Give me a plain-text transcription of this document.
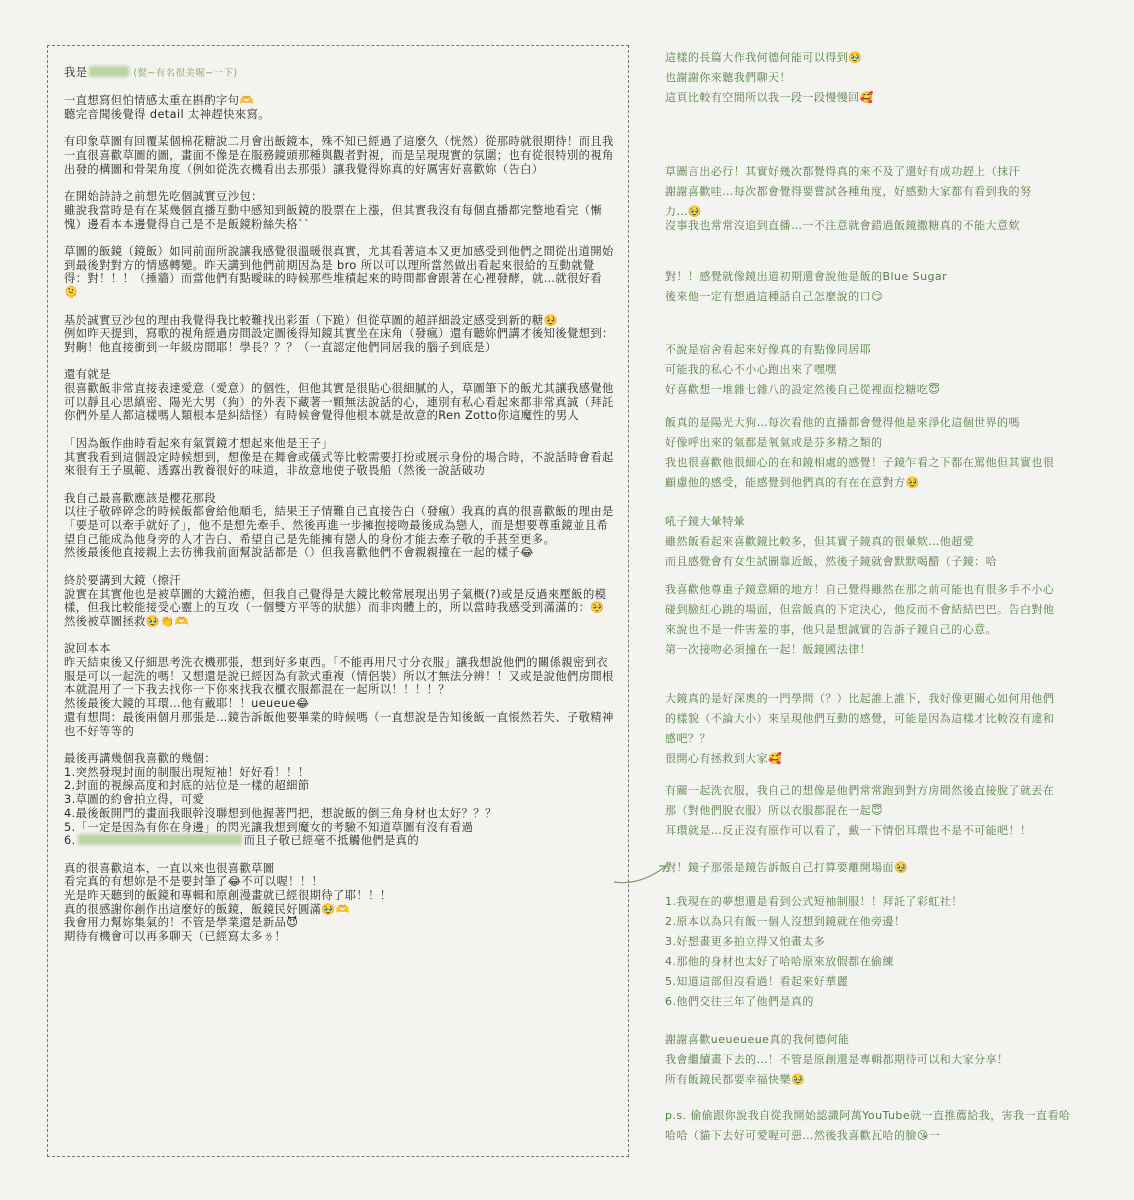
我是	(甏~有名很美喔~一下)
一直想寫但怕情感太重在斟酌字句🫶
聽完音聞後覺得 detail 太神趕快來寫。
有印象草圖有回覆某個棉花糖說二月會出飯鏡本，殊不知已經過了這麼久（恍然）從那時就很期待！而且我一直很喜歡草圖的圖，畫面不像是在服務鏡頭那種與觀者對視，而是呈現現實的氛圍；也有從很特別的視角出發的構圖和骨架角度（例如從洗衣機看出去那張）讓我覺得妳真的好厲害好喜歡妳（告白）
在開始詩詩之前想先吃個誠實豆沙包：
雖說我當時是有在某幾個直播互動中感知到飯鏡的股票在上漲，但其實我沒有每個直播都完整地看完（慚愧）邊看本本邊覺得自己是不是飯鏡粉絲失格``
草圖的飯鏡（鏡飯）如同前面所說讓我感覺很溫暖很真實，尤其看著這本又更加感受到他們之間從出道開始到最後對對方的情感轉變。昨天講到他們前期因為是 bro 所以可以理所當然做出看起來很給的互動就覺得：對！！！（捶牆）而當他們有點曖昧的時候那些堆積起來的時間都會跟著在心裡發酵，就…就很好看🫠
基於誠實豆沙包的理由我覺得我比較難找出彩蛋（下跪）但從草圖的超詳細設定感受到新的糖🥹
例如昨天提到，寫歌的視角經過房間設定圖後得知鏡其實坐在床角（發瘋）還有聽妳們講才後知後覺想到：對齁！他直接衝到一年級房間耶！學長？？？（一直認定他們同居我的腦子到底是）
還有就是
很喜歡飯非常直接表達愛意（愛意）的個性，但他其實是很貼心很細膩的人，草圖筆下的飯尤其讓我感覺他可以靜且心思縝密、陽光大男（狗）的外表下藏著一顆無法說話的心，連別有私心看起來都非常真誠（拜託你們外星人都這樣嗎人類根本是糾結怪）有時候會覺得他根本就是故意的Ren Zotto你這魔性的男人
「因為飯作曲時看起來有氣質鏡才想起來他是王子」
其實我看到這個設定時候想到，想像是在舞會或儀式等比較需要打扮或展示身份的場合時，不說話時會看起來很有王子風範、透露出教養很好的味道，非故意地使子敬畏船（然後一說話破功
我自己最喜歡應該是櫻花那段
以往子敬碎碎念的時候飯都會給他順毛，結果王子情難自己直接告白（發瘋）我真的真的很喜歡飯的理由是「要是可以牽手就好了」，他不是想先牽手、然後再進一步擁抱接吻最後成為戀人，而是想要尊重鏡並且希望自己能成為他身旁的人才告白、希望自己是先能擁有戀人的身份才能去牽子敬的手甚至更多。
然後最後他直接親上去彷彿我前面幫說話都是（）但我喜歡他們不會親親撞在一起的樣子😂
終於要講到大鏡（擦汗
說實在其實他也是被草圖的大鏡治癒，但我自己覺得是大鏡比較常展現出男子氣概(?)或是反過來壓飯的模樣，但我比較能接受心靈上的互攻（一個雙方平等的狀態）而非肉體上的，所以當時我感受到滿滿的：🥺
然後被草圖拯救🥹👏🫶
說回本本
昨天結束後又仔細思考洗衣機那張，想到好多東西。「不能再用尺寸分衣服」讓我想說他們的關係親密到衣服是可以一起洗的嗎！又想還是說已經因為有款式重複（情侶裝）所以才無法分辨！！又或是說他們房間根本就混用了一下我去找你一下你來找我衣櫃衣服都混在一起所以！！！！？
然後最後大鏡的耳環…他有戴耶！！ueueue😂
還有想問：最後兩個月那張是…鏡告訴飯他要畢業的時候嗎（一直想說是告知後飯一直悵然若失、子敬精神也不好等等的
最後再講幾個我喜歡的幾個：
1.突然發現封面的制服出現短袖！好好看！！！
2.封面的視線高度和封底的站位是一樣的超細節
3.草圖的約會拍立得，可愛
4.最後飯開門的畫面我眼幹沒聯想到他握著門把，想說飯的倒三角身材也太好？？？
5.「一定是因為有你在身邊」的閃光讓我想到魔女的考驗不知道草圖有沒有看過
6.	而且子敬已經毫不抵觸他們是真的
真的很喜歡這本，一直以來也很喜歡草圖
看完真的有想妳是不是要封筆了😂不可以喔！！！
光是昨天聽到的飯鏡和專輯和原創漫畫就已經很期待了耶！！！
真的很感謝你創作出這麼好的飯鏡，飯鏡民好圓滿🥹🫶
我會用力幫妳集氣的！不管是學業還是新品😈
期待有機會可以再多聊天（已經寫太多ㄌ！
這樣的長篇大作我何德何能可以得到🥹
也謝謝你來聽我們聊天！
這頁比較有空間所以我一段一段慢慢回🥰
草圖言出必行！其實好幾次都覺得真的來不及了還好有成功趕上（抹汗
謝謝喜歡哇…每次都會覺得要嘗試各種角度，好感動大家都有看到我的努
力…🥹
沒事我也常常沒追到直播…一不注意就會錯過飯鏡撒糖真的不能大意欸
對！！感覺就像鏡出道初期還會說他是飯的Blue Sugar
後來他一定有想過這種話自己怎麼說的口😏
不說是宿舍看起來好像真的有點像同居耶
可能我的私心不小心跑出來了嘿嘿
好喜歡想一堆雜七雜八的設定然後自己從裡面挖糖吃😇
飯真的是陽光大狗…每次看他的直播都會覺得他是來淨化這個世界的嗎
好像呼出來的氣都是氧氣或是芬多精之類的
我也很喜歡他很細心的在和鏡相處的感覺！子鏡乍看之下都在罵他但其實也很
顧慮他的感受，能感覺到他們真的有在在意對方🥹
吼子鏡大暈特暈
雖然飯看起來喜歡鏡比較多，但其實子鏡真的很暈欸…他超愛
而且感覺會有女生試圖靠近飯，然後子鏡就會默默喝醋（子鏡：哈
我喜歡他尊重子鏡意願的地方！自己覺得雖然在那之前可能也有很多手不小心
碰到臉紅心跳的場面，但當飯真的下定決心，他反而不會結結巴巴。告白對他
來說也不是一件害羞的事，他只是想誠實的告訴子鏡自己的心意。
第一次接吻必須撞在一起！飯鏡國法律！
大鏡真的是好深奧的一門學問（？）比起誰上誰下，我好像更關心如何用他們
的樣貌（不論大小）來呈現他們互動的感覺，可能是因為這樣才比較沒有違和
感吧？？
很開心有拯救到大家🥰
有關一起洗衣服，我自己的想像是他們常常跑到對方房間然後直接脫了就丟在
那（對他們脫衣服）所以衣服都混在一起😇
耳環就是…反正沒有原作可以看了，戴一下情侶耳環也不是不可能吧！！
對！鏡子那張是鏡告訴飯自己打算要離開場面🥹
1.我現在的夢想還是看到公式短袖制服！！拜託了彩虹社！
2.原本以為只有飯一個人沒想到鏡就在他旁邊！
3.好想畫更多拍立得又怕畫太多
4.那他的身材也太好了哈哈原來放假都在偷練
5.知道這部但沒看過！看起來好華麗
6.他們交往三年了他們是真的
謝謝喜歡ueueueue真的我何德何能
我會繼續畫下去的…！不管是原創還是專輯都期待可以和大家分享！
所有飯鏡民都要幸福快樂🥹
p.s. 偷偷跟你說我自從我開始認識阿萬YouTube就一直推薦給我，害我一直看哈
哈哈（貓下去好可愛喔可惡…然後我喜歡瓦哈的臉😘一
